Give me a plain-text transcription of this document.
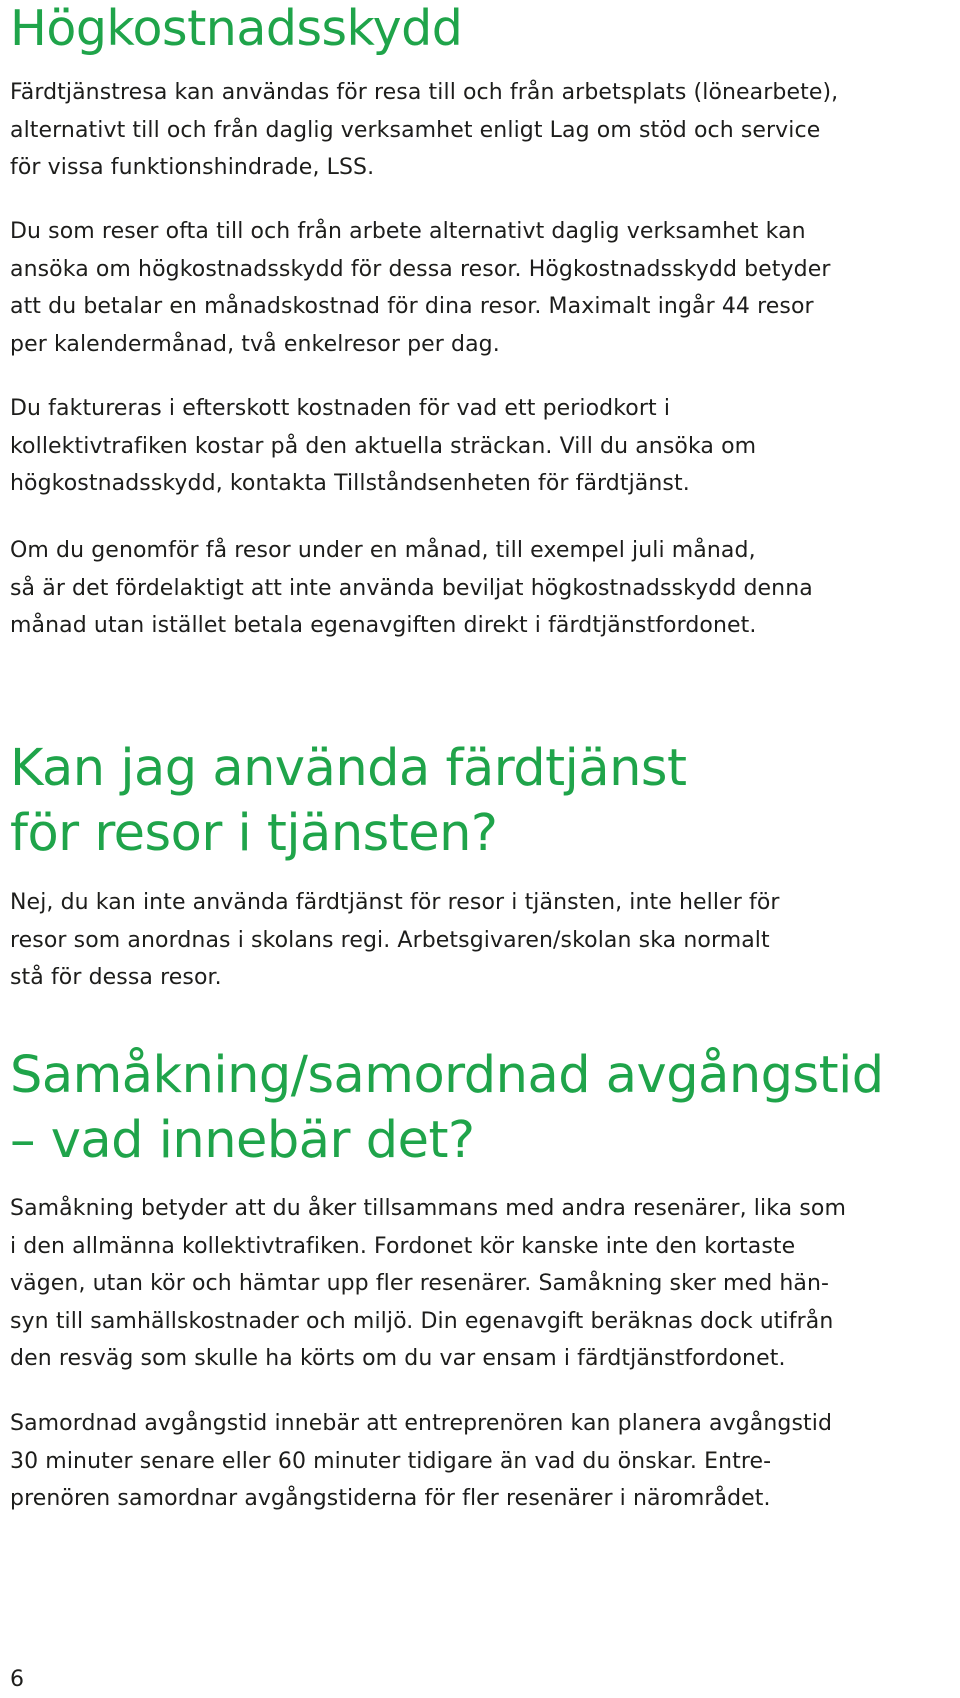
Högkostnadsskydd

Färdtjänstresa kan användas för resa till och från arbetsplats (lönearbete),
alternativt till och från daglig verksamhet enligt Lag om stöd och service
för vissa funktionshindrade, LSS.

Du som reser ofta till och från arbete alternativt daglig verksamhet kan
ansöka om högkostnadsskydd för dessa resor. Högkostnadsskydd betyder
att du betalar en månadskostnad för dina resor. Maximalt ingår 44 resor
per kalendermånad, två enkelresor per dag.

Du faktureras i efterskott kostnaden för vad ett periodkort i
kollektivtrafiken kostar på den aktuella sträckan. Vill du ansöka om
högkostnadsskydd, kontakta Tillståndsenheten för färdtjänst.

Om du genomför få resor under en månad, till exempel juli månad,
så är det fördelaktigt att inte använda beviljat högkostnadsskydd denna
månad utan istället betala egenavgiften direkt i färdtjänstfordonet.

Kan jag använda färdtjänst
för resor i tjänsten?

Nej, du kan inte använda färdtjänst för resor i tjänsten, inte heller för
resor som anordnas i skolans regi. Arbetsgivaren/skolan ska normalt
stå för dessa resor.

Samåkning/samordnad avgångstid
– vad innebär det?

Samåkning betyder att du åker tillsammans med andra resenärer, lika som
i den allmänna kollektivtrafiken. Fordonet kör kanske inte den kortaste
vägen, utan kör och hämtar upp fler resenärer. Samåkning sker med hän-
syn till samhällskostnader och miljö. Din egenavgift beräknas dock utifrån
den resväg som skulle ha körts om du var ensam i färdtjänstfordonet.

Samordnad avgångstid innebär att entreprenören kan planera avgångstid
30 minuter senare eller 60 minuter tidigare än vad du önskar. Entre-
prenören samordnar avgångstiderna för fler resenärer i närområdet.

6
